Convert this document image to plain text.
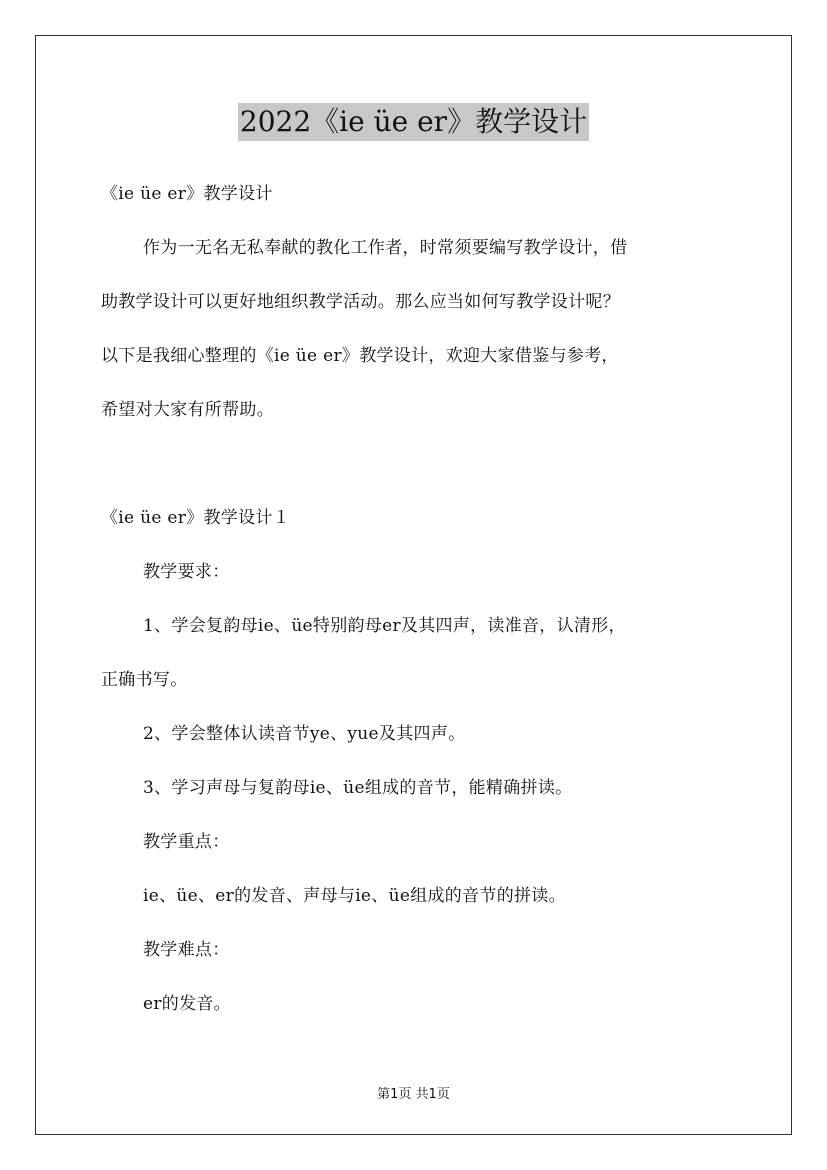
2022《ie üe er》教学设计
《ie üe er》教学设计
作为一无名无私奉献的教化工作者，时常须要编写教学设计，借
助教学设计可以更好地组织教学活动。那么应当如何写教学设计呢？
以下是我细心整理的《ie üe er》教学设计，欢迎大家借鉴与参考，
希望对大家有所帮助。
《ie üe er》教学设计１
教学要求：
1、学会复韵母ie、üe特别韵母er及其四声，读准音，认清形，
正确书写。
2、学会整体认读音节ye、yue及其四声。
3、学习声母与复韵母ie、üe组成的音节，能精确拼读。
教学重点：
ie、üe、er的发音、声母与ie、üe组成的音节的拼读。
教学难点：
er的发音。
第1页 共1页
